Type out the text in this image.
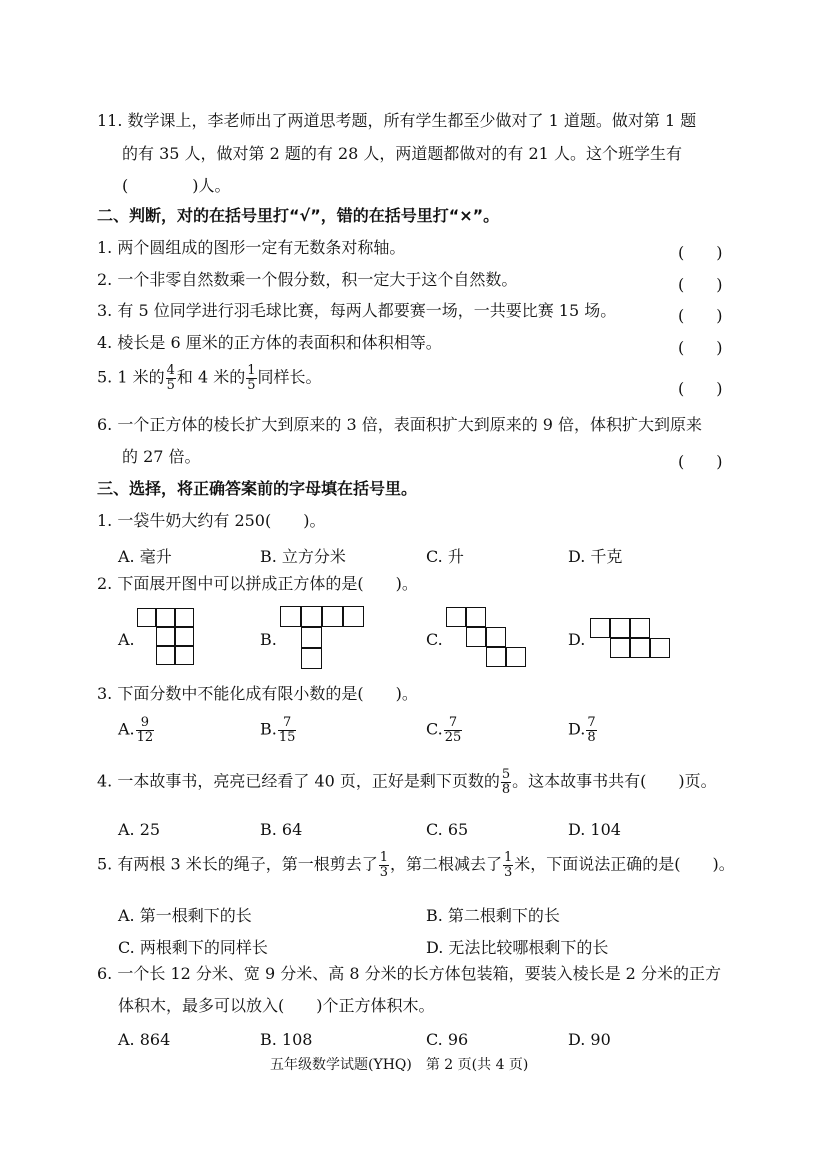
11. 数学课上，李老师出了两道思考题，所有学生都至少做对了 1 道题。做对第 1 题
的有 35 人，做对第 2 题的有 28 人，两道题都做对的有 21 人。这个班学生有
(　　　　)人。
二、判断，对的在括号里打“√”，错的在括号里打“×”。
1. 两个圆组成的图形一定有无数条对称轴。	(　　)
2. 一个非零自然数乘一个假分数，积一定大于这个自然数。	(　　)
3. 有 5 位同学进行羽毛球比赛，每两人都要赛一场，一共要比赛 15 场。	(　　)
4. 棱长是 6 厘米的正方体的表面积和体积相等。	(　　)
5. 1 米的 $\frac{4}{5}$ 和 4 米的 $\frac{1}{5}$ 同样长。
(　　)
6. 一个正方体的棱长扩大到原来的 3 倍，表面积扩大到原来的 9 倍，体积扩大到原来
的 27 倍。	(　　)
三、选择，将正确答案前的字母填在括号里。
1. 一袋牛奶大约有 250(　　)。
A. 毫升	B. 立方分米	C. 升	D. 千克
2. 下面展开图中可以拼成正方体的是(　　)。
A.	B.	C.	D.
3. 下面分数中不能化成有限小数的是(　　)。
A. $\frac{9}{12}$	B. $\frac{7}{15}$	C. $\frac{7}{25}$	D. $\frac{7}{8}$
4. 一本故事书，亮亮已经看了 40 页，正好是剩下页数的 $\frac{5}{8}$ 。这本故事书共有(　　)页。
A. 25	B. 64	C. 65	D. 104
5. 有两根 3 米长的绳子，第一根剪去了 $\frac{1}{3}$ ，第二根减去了 $\frac{1}{3}$ 米，下面说法正确的是(　　)。
A. 第一根剩下的长	B. 第二根剩下的长
C. 两根剩下的同样长	D. 无法比较哪根剩下的长
6. 一个长 12 分米、宽 9 分米、高 8 分米的长方体包装箱，要装入棱长是 2 分米的正方
体积木，最多可以放入(　　)个正方体积木。
A. 864	B. 108	C. 96	D. 90
五年级数学试题(YHQ)　第 2 页(共 4 页)
